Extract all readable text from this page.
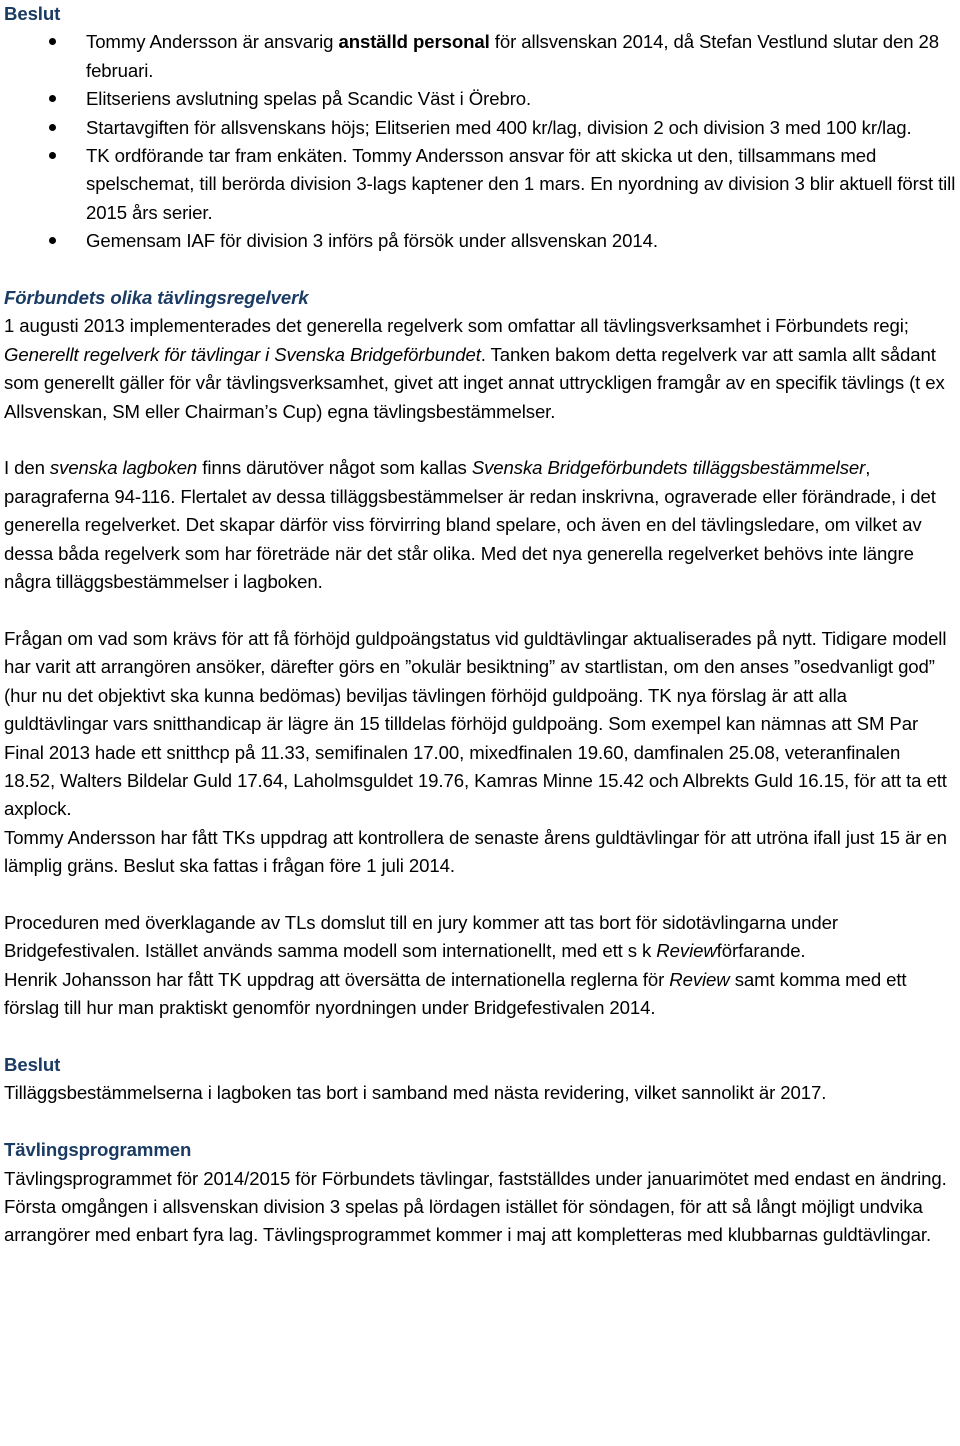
Beslut

Tommy Andersson är ansvarig anställd personal för allsvenskan 2014, då Stefan Vestlund slutar den 28 februari.
Elitseriens avslutning spelas på Scandic Väst i Örebro.
Startavgiften för allsvenskans höjs; Elitserien med 400 kr/lag, division 2 och division 3 med 100 kr/lag.
TK ordförande tar fram enkäten. Tommy Andersson ansvar för att skicka ut den, tillsammans med spelschemat, till berörda division 3-lags kaptener den 1 mars. En nyordning av division 3 blir aktuell först till 2015 års serier.
Gemensam IAF för division 3 införs på försök under allsvenskan 2014.

Förbundets olika tävlingsregelverk

1 augusti 2013 implementerades det generella regelverk som omfattar all tävlingsverksamhet i Förbundets regi; Generellt regelverk för tävlingar i Svenska Bridgeförbundet. Tanken bakom detta regelverk var att samla allt sådant som generellt gäller för vår tävlingsverksamhet, givet att inget annat uttryckligen framgår av en specifik tävlings (t ex Allsvenskan, SM eller Chairman’s Cup) egna tävlingsbestämmelser.

I den svenska lagboken finns därutöver något som kallas Svenska Bridgeförbundets tilläggsbestämmelser, paragraferna 94-116. Flertalet av dessa tilläggsbestämmelser är redan inskrivna, ograverade eller förändrade, i det generella regelverket. Det skapar därför viss förvirring bland spelare, och även en del tävlingsledare, om vilket av dessa båda regelverk som har företräde när det står olika. Med det nya generella regelverket behövs inte längre några tilläggsbestämmelser i lagboken.

Frågan om vad som krävs för att få förhöjd guldpoängstatus vid guldtävlingar aktualiserades på nytt. Tidigare modell har varit att arrangören ansöker, därefter görs en ”okulär besiktning” av startlistan, om den anses ”osedvanligt god” (hur nu det objektivt ska kunna bedömas) beviljas tävlingen förhöjd guldpoäng. TK nya förslag är att alla guldtävlingar vars snitthandicap är lägre än 15 tilldelas förhöjd guldpoäng. Som exempel kan nämnas att SM Par Final 2013 hade ett snitthcp på 11.33, semifinalen 17.00, mixedfinalen 19.60, damfinalen 25.08, veteranfinalen 18.52, Walters Bildelar Guld 17.64, Laholmsguldet 19.76, Kamras Minne 15.42 och Albrekts Guld 16.15, för att ta ett axplock.

Tommy Andersson har fått TKs uppdrag att kontrollera de senaste årens guldtävlingar för att utröna ifall just 15 är en lämplig gräns. Beslut ska fattas i frågan före 1 juli 2014.

Proceduren med överklagande av TLs domslut till en jury kommer att tas bort för sidotävlingarna under Bridgefestivalen. Istället används samma modell som internationellt, med ett s k Reviewförfarande.

Henrik Johansson har fått TK uppdrag att översätta de internationella reglerna för Review samt komma med ett förslag till hur man praktiskt genomför nyordningen under Bridgefestivalen 2014.

Beslut

Tilläggsbestämmelserna i lagboken tas bort i samband med nästa revidering, vilket sannolikt är 2017.

Tävlingsprogrammen

Tävlingsprogrammet för 2014/2015 för Förbundets tävlingar, fastställdes under januarimötet med endast en ändring. Första omgången i allsvenskan division 3 spelas på lördagen istället för söndagen, för att så långt möjligt undvika arrangörer med enbart fyra lag. Tävlingsprogrammet kommer i maj att kompletteras med klubbarnas guldtävlingar.
